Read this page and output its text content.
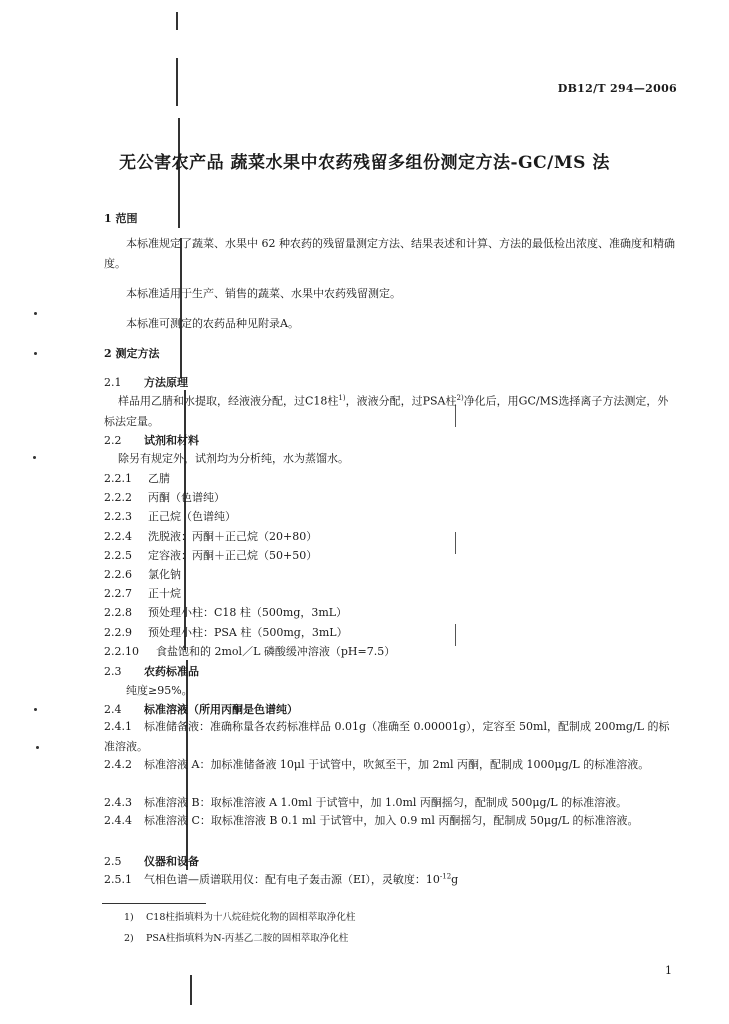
DB12/T 294—2006
无公害农产品 蔬菜水果中农药残留多组份测定方法-GC/MS 法
1 范围
本标准规定了蔬菜、水果中 62 种农药的残留量测定方法、结果表述和计算、方法的最低检出浓度、准确度和精确度。
本标准适用于生产、销售的蔬菜、水果中农药残留测定。
本标准可测定的农药品种见附录A。
2 测定方法
2.1 方法原理
样品用乙腈和水提取，经液液分配，过C18柱$^{1)}$，液液分配，过PSA柱$^{2)}$净化后，用GC/MS选择离子方法测定，外标法定量。
2.2 试剂和材料
除另有规定外，试剂均为分析纯，水为蒸馏水。
2.2.1 乙腈
2.2.2 丙酮（色谱纯）
2.2.3 正己烷（色谱纯）
2.2.4 洗脱液：丙酮＋正己烷（20+80）
2.2.5 定容液：丙酮＋正己烷（50+50）
2.2.6 氯化钠
2.2.7 正十烷
2.2.8 预处理小柱：C18 柱（500mg，3mL）
2.2.9 预处理小柱：PSA 柱（500mg，3mL）
2.2.10 食盐饱和的 2mol／L 磷酸缓冲溶液（pH=7.5）
2.3 农药标准品
纯度≥95%。
2.4 标准溶液（所用丙酮是色谱纯）
2.4.1 标准储备液：准确称量各农药标准样品 0.01g（准确至 0.00001g），定容至 50ml，配制成 200mg/L 的标准溶液。
2.4.2 标准溶液 A：加标准储备液 10μl 于试管中，吹氮至干，加 2ml 丙酮，配制成 1000μg/L 的标准溶液。
2.4.3 标准溶液 B：取标准溶液 A 1.0ml 于试管中，加 1.0ml 丙酮摇匀，配制成 500μg/L 的标准溶液。
2.4.4 标准溶液 C：取标准溶液 B 0.1 ml 于试管中，加入 0.9 ml 丙酮摇匀，配制成 50μg/L 的标准溶液。
2.5 仪器和设备
2.5.1 气相色谱—质谱联用仪：配有电子轰击源（EI），灵敏度：$10^{-12}g$
1) C18柱指填料为十八烷硅烷化物的固相萃取净化柱
2) PSA柱指填料为N-丙基乙二胺的固相萃取净化柱
1
